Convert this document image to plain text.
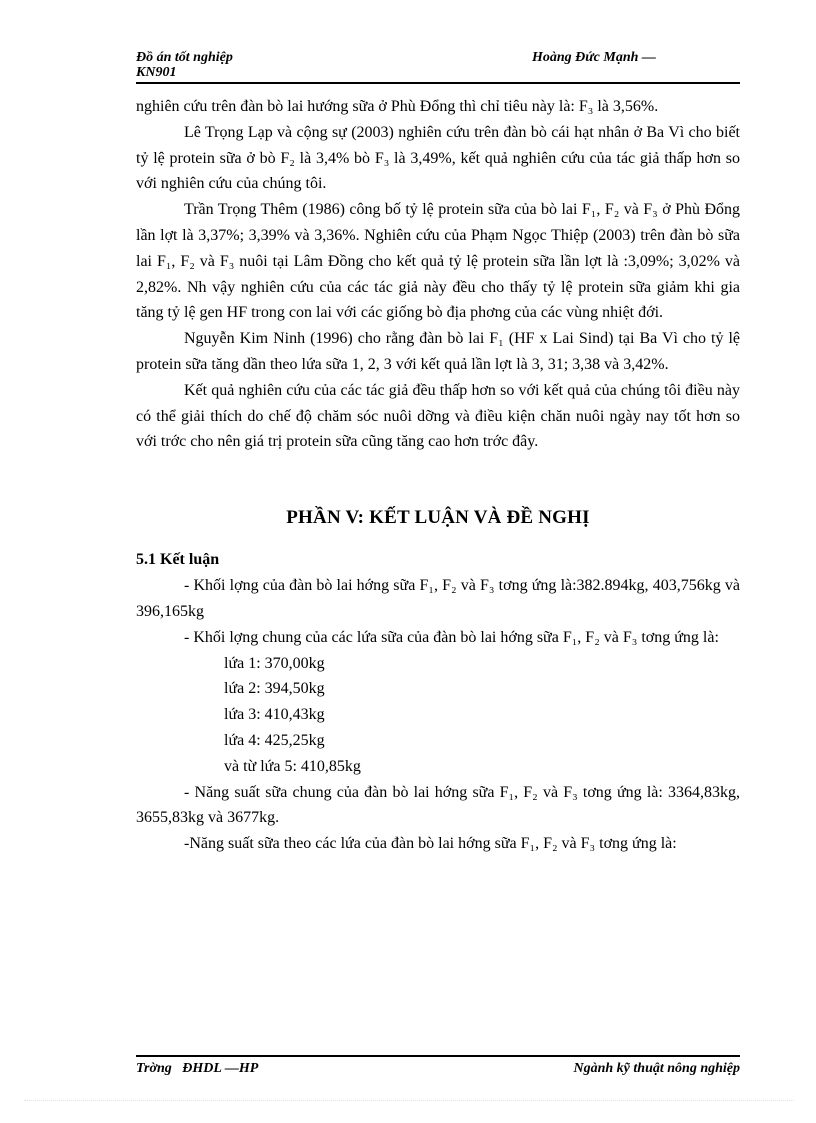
Đồ án tốt nghiệp
KN901
Hoàng Đức Mạnh —

nghiên cứu trên đàn bò lai hướng sữa ở Phù Đổng thì chỉ tiêu này là: F₃ là 3,56%.

Lê Trọng Lạp và cộng sự (2003) nghiên cứu trên đàn bò cái hạt nhân ở Ba Vì cho biết tỷ lệ protein sữa ở bò F₂ là 3,4% bò F₃ là 3,49%, kết quả nghiên cứu của tác giả thấp hơn so với nghiên cứu của chúng tôi.

Trần Trọng Thêm (1986) công bố tỷ lệ protein sữa của bò lai F₁, F₂ và F₃ ở Phù Đổng lần lợt là 3,37%; 3,39% và 3,36%. Nghiên cứu của Phạm Ngọc Thiệp (2003) trên đàn bò sữa lai F₁, F₂ và F₃ nuôi tại Lâm Đồng cho kết quả tỷ lệ protein sữa lần lợt là :3,09%; 3,02% và 2,82%. Nh vậy nghiên cứu của các tác giả này đều cho thấy tỷ lệ protein sữa giảm khi gia tăng tỷ lệ gen HF trong con lai với các giống bò địa phơng của các vùng nhiệt đới.

Nguyễn Kim Ninh (1996) cho rằng đàn bò lai F₁ (HF x Lai Sind) tại Ba Vì cho tỷ lệ protein sữa tăng dần theo lứa sữa 1, 2, 3 với kết quả lần lợt là 3, 31; 3,38 và 3,42%.

Kết quả nghiên cứu của các tác giả đều thấp hơn so với kết quả của chúng tôi điều này có thể giải thích do chế độ chăm sóc nuôi dỡng và điều kiện chăn nuôi ngày nay tốt hơn so với trớc cho nên giá trị protein sữa cũng tăng cao hơn trớc đây.

PHẦN V: KẾT LUẬN VÀ ĐỀ NGHỊ
5.1 Kết luận

- Khối lợng của đàn bò lai hớng sữa F₁, F₂ và F₃ tơng ứng là:382.894kg, 403,756kg và 396,165kg

- Khối lợng chung của các lứa sữa của đàn bò lai hớng sữa F₁, F₂ và F₃ tơng ứng là:

lứa 1: 370,00kg
lứa 2: 394,50kg
lứa 3: 410,43kg
lứa 4: 425,25kg
và từ lứa 5: 410,85kg

- Năng suất sữa chung của đàn bò lai hớng sữa F₁, F₂ và F₃ tơng ứng là: 3364,83kg, 3655,83kg và 3677kg.

-Năng suất sữa theo các lứa của đàn bò lai hớng sữa F₁, F₂ và F₃ tơng ứng là:

Trờng   ĐHDL —HP	Ngành kỹ thuật nông nghiệp
